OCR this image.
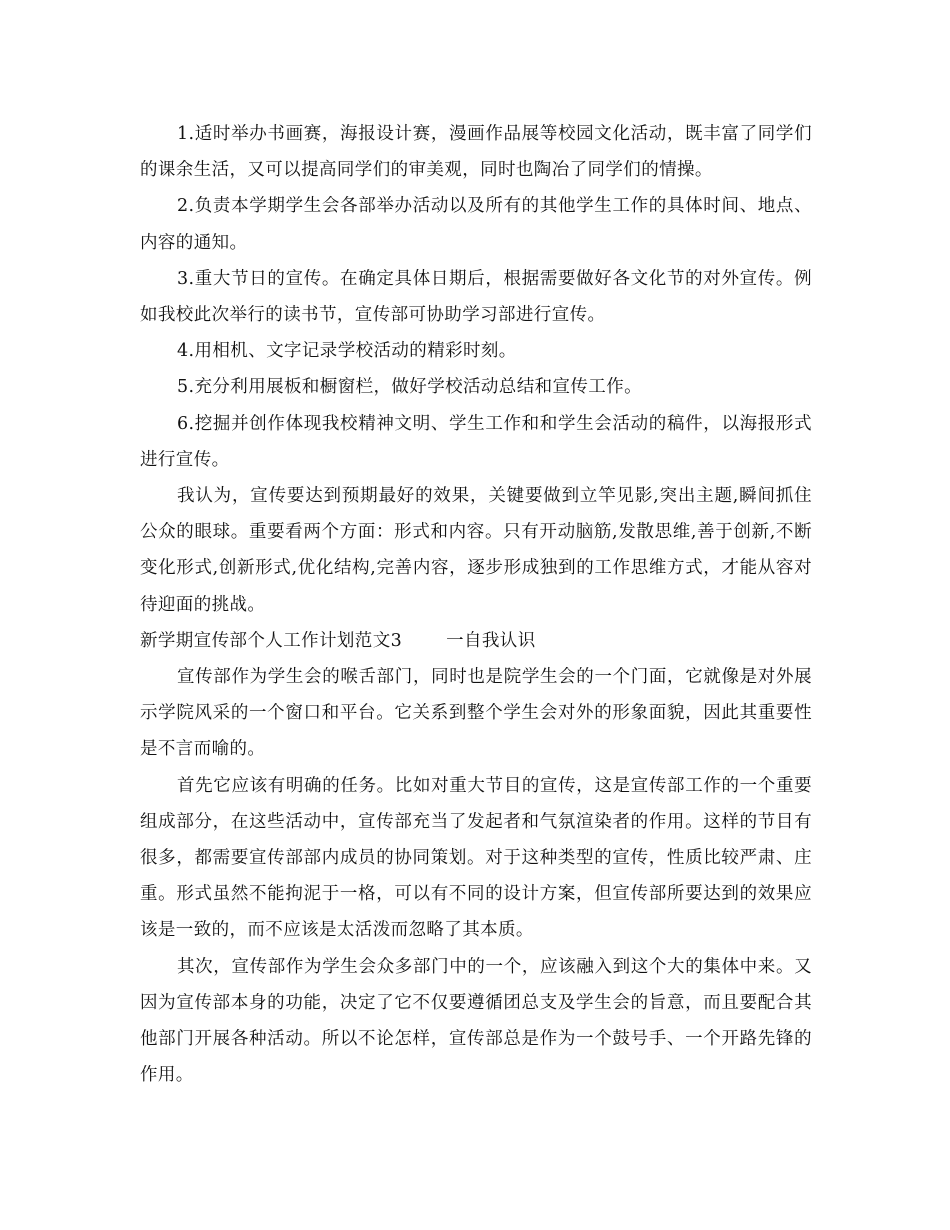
1.适时举办书画赛，海报设计赛，漫画作品展等校园文化活动，既丰富了同学们的课余生活，又可以提高同学们的审美观，同时也陶冶了同学们的情操。

2.负责本学期学生会各部举办活动以及所有的其他学生工作的具体时间、地点、内容的通知。

3.重大节日的宣传。在确定具体日期后，根据需要做好各文化节的对外宣传。例如我校此次举行的读书节，宣传部可协助学习部进行宣传。

4.用相机、文字记录学校活动的精彩时刻。

5.充分利用展板和橱窗栏，做好学校活动总结和宣传工作。

6.挖掘并创作体现我校精神文明、学生工作和和学生会活动的稿件，以海报形式进行宣传。

我认为，宣传要达到预期最好的效果，关键要做到立竿见影,突出主题,瞬间抓住公众的眼球。重要看两个方面：形式和内容。只有开动脑筋,发散思维,善于创新,不断变化形式,创新形式,优化结构,完善内容，逐步形成独到的工作思维方式，才能从容对待迎面的挑战。

新学期宣传部个人工作计划范文3	一自我认识

宣传部作为学生会的喉舌部门，同时也是院学生会的一个门面，它就像是对外展示学院风采的一个窗口和平台。它关系到整个学生会对外的形象面貌，因此其重要性是不言而喻的。

首先它应该有明确的任务。比如对重大节目的宣传，这是宣传部工作的一个重要组成部分，在这些活动中，宣传部充当了发起者和气氛渲染者的作用。这样的节目有很多，都需要宣传部部内成员的协同策划。对于这种类型的宣传，性质比较严肃、庄重。形式虽然不能拘泥于一格，可以有不同的设计方案，但宣传部所要达到的效果应该是一致的，而不应该是太活泼而忽略了其本质。

其次，宣传部作为学生会众多部门中的一个，应该融入到这个大的集体中来。又因为宣传部本身的功能，决定了它不仅要遵循团总支及学生会的旨意，而且要配合其他部门开展各种活动。所以不论怎样，宣传部总是作为一个鼓号手、一个开路先锋的作用。
